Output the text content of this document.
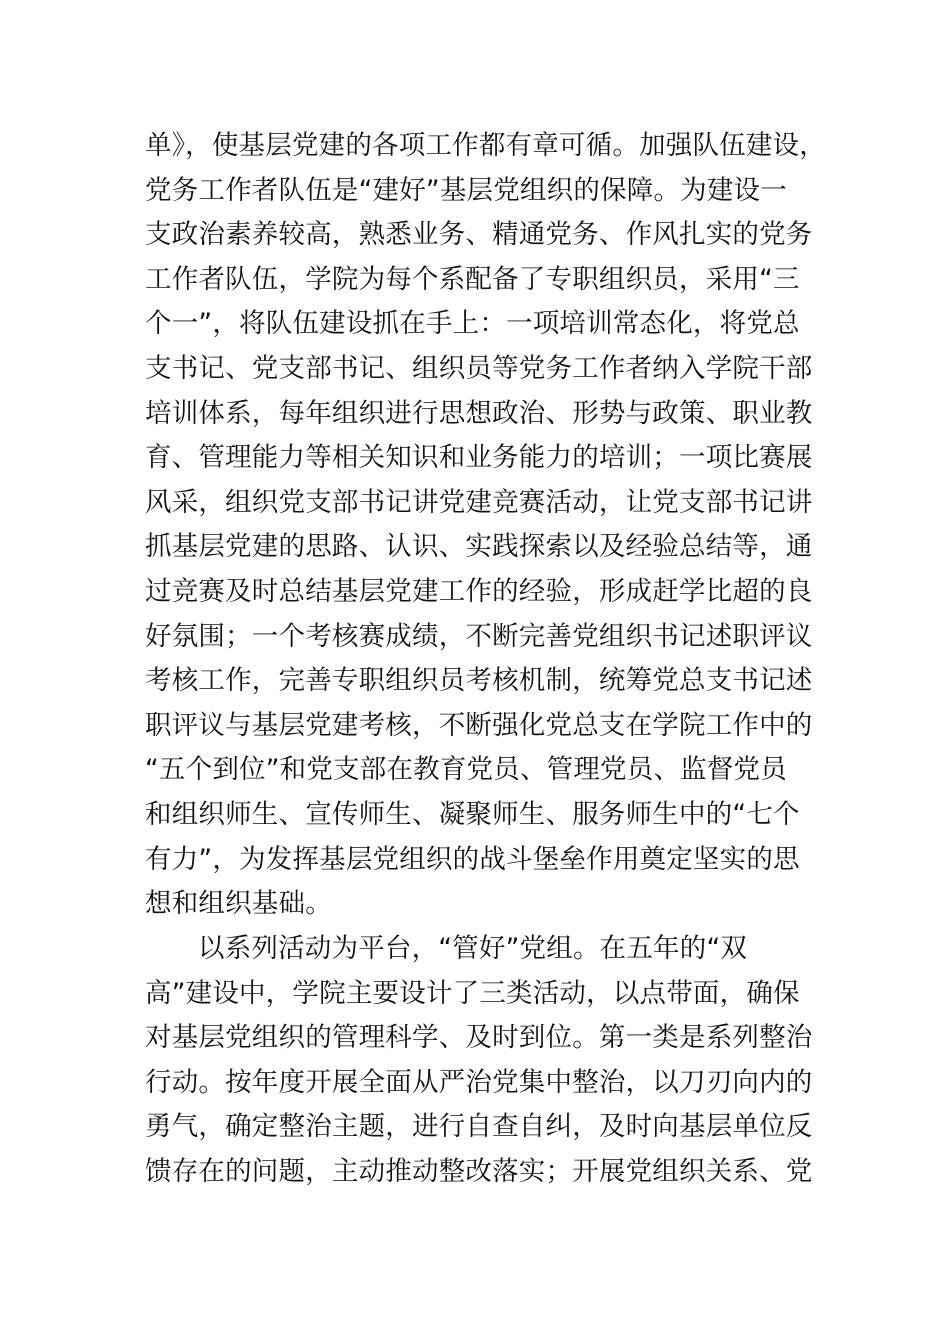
单》，使基层党建的各项工作都有章可循。加强队伍建设，
党务工作者队伍是“建好”基层党组织的保障。为建设一
支政治素养较高，熟悉业务、精通党务、作风扎实的党务
工作者队伍，学院为每个系配备了专职组织员，采用“三
个一”，将队伍建设抓在手上：一项培训常态化，将党总
支书记、党支部书记、组织员等党务工作者纳入学院干部
培训体系，每年组织进行思想政治、形势与政策、职业教
育、管理能力等相关知识和业务能力的培训；一项比赛展
风采，组织党支部书记讲党建竞赛活动，让党支部书记讲
抓基层党建的思路、认识、实践探索以及经验总结等，通
过竞赛及时总结基层党建工作的经验，形成赶学比超的良
好氛围；一个考核赛成绩，不断完善党组织书记述职评议
考核工作，完善专职组织员考核机制，统筹党总支书记述
职评议与基层党建考核，不断强化党总支在学院工作中的
“五个到位”和党支部在教育党员、管理党员、监督党员
和组织师生、宣传师生、凝聚师生、服务师生中的“七个
有力”，为发挥基层党组织的战斗堡垒作用奠定坚实的思
想和组织基础。
以系列活动为平台，“管好”党组。在五年的“双
高”建设中，学院主要设计了三类活动，以点带面，确保
对基层党组织的管理科学、及时到位。第一类是系列整治
行动。按年度开展全面从严治党集中整治，以刀刃向内的
勇气，确定整治主题，进行自查自纠，及时向基层单位反
馈存在的问题，主动推动整改落实；开展党组织关系、党
